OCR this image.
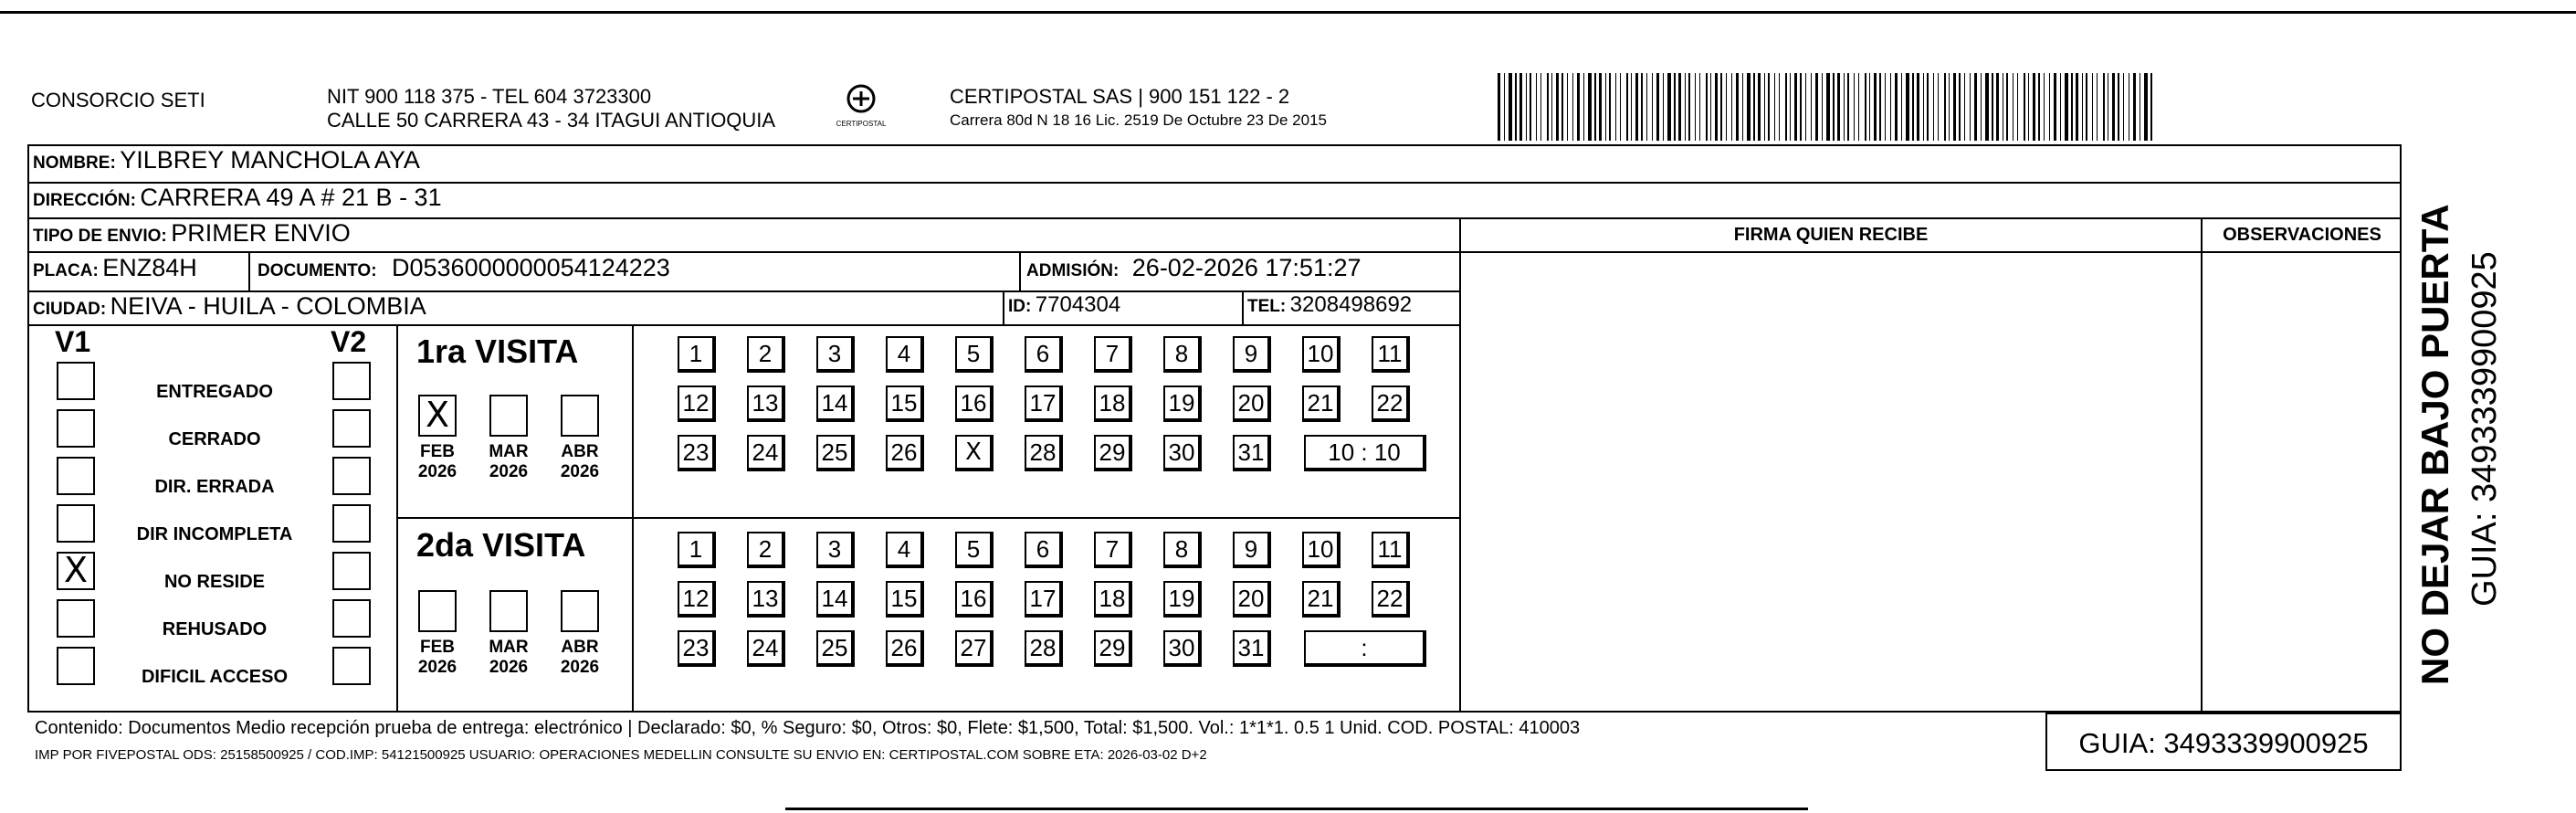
CONSORCIO SETI	NIT 900 118 375 - TEL 604 3723300
CALLE 50 CARRERA 43 - 34 ITAGUI ANTIOQUIA	CERTIPOSTAL
CERTIPOSTAL SAS | 900 151 122 - 2
Carrera 80d N 18 16 Lic. 2519 De Octubre 23 De 2015
NOMBRE: YILBREY MANCHOLA AYA
DIRECCIÓN: CARRERA 49 A # 21 B - 31
TIPO DE ENVIO: PRIMER ENVIO
PLACA: ENZ84H	DOCUMENTO: D0536000000054124223	ADMISIÓN: 26-02-2026 17:51:27
CIUDAD: NEIVA - HUILA - COLOMBIA	ID: 7704304	TEL: 3208498692
FIRMA QUIEN RECIBE	OBSERVACIONES
V1	V2
ENTREGADO
CERRADO
DIR. ERRADA
DIR INCOMPLETA
NO RESIDE
X
REHUSADO
DIFICIL ACCESO
1ra VISITA
2da VISITA
X
FEB
2026
MAR
2026
ABR
2026
1	2	3	4	5	6	7	8	9	10 11
12 13 14 15 16 17 18 19 20 21 22
23 24 25 26	X	28 29 30 31	10 : 10
FEB
2026
MAR
2026
ABR
2026
1	2	3	4	5	6	7	8	9	10 11
12 13 14 15 16 17 18 19 20 21 22
23 24 25 26 27 28 29 30 31	:
Contenido: Documentos Medio recepción prueba de entrega: electrónico | Declarado: $0, % Seguro: $0, Otros: $0, Flete: $1,500, Total: $1,500. Vol.: 1*1*1. 0.5 1 Unid. COD. POSTAL: 410003
IMP POR FIVEPOSTAL ODS: 25158500925 / COD.IMP: 54121500925 USUARIO: OPERACIONES MEDELLIN CONSULTE SU ENVIO EN: CERTIPOSTAL.COM SOBRE ETA: 2026-03-02 D+2	GUIA: 3493339900925
NO DEJAR BAJO PUERTA GUIA: 3493339900925
